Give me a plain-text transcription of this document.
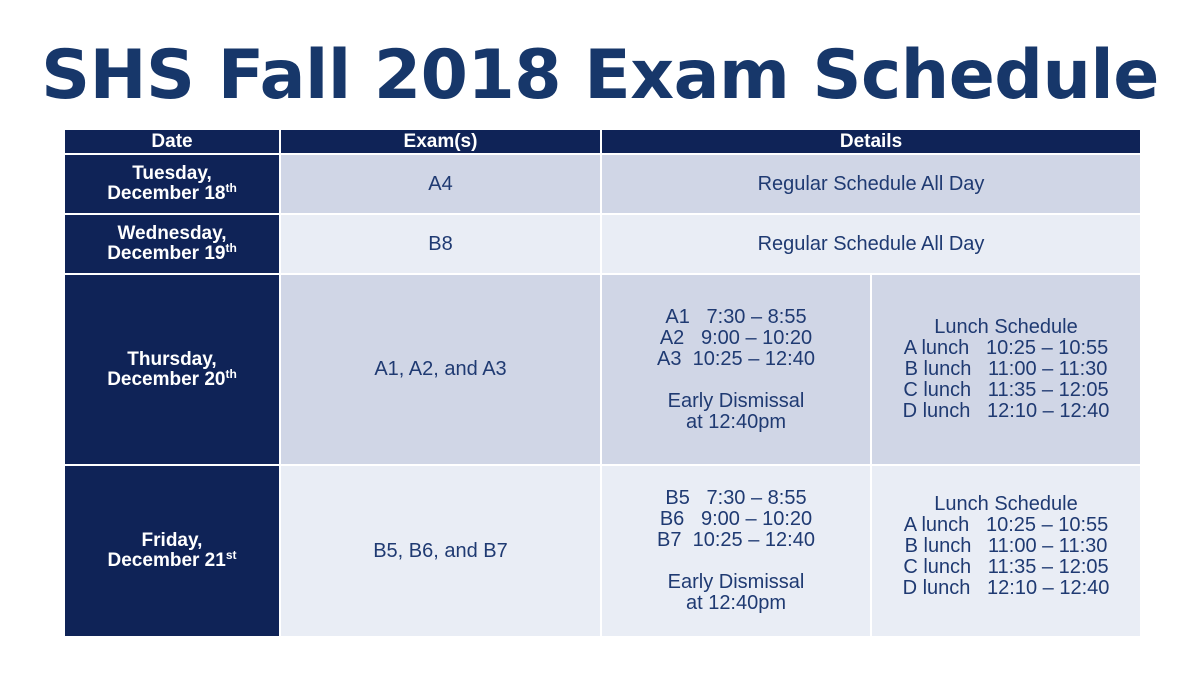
SHS Fall 2018 Exam Schedule
Date	Exam(s)	Details	

Tuesday,
December 18th	A4	Regular Schedule All Day	

Wednesday,
December 19th	B8	Regular Schedule All Day	

Thursday,
December 20th	A1, A2, and A3	A1   7:30 – 8:55
A2   9:00 – 10:20
A3  10:25 – 12:40
Early Dismissal
at 12:40pm	Lunch Schedule
A lunch   10:25 – 10:55
B lunch   11:00 – 11:30
C lunch   11:35 – 12:05
D lunch   12:10 – 12:40

Friday,
December 21st	B5, B6, and B7	B5   7:30 – 8:55
B6   9:00 – 10:20
B7  10:25 – 12:40
Early Dismissal
at 12:40pm	Lunch Schedule
A lunch   10:25 – 10:55
B lunch   11:00 – 11:30
C lunch   11:35 – 12:05
D lunch   12:10 – 12:40
